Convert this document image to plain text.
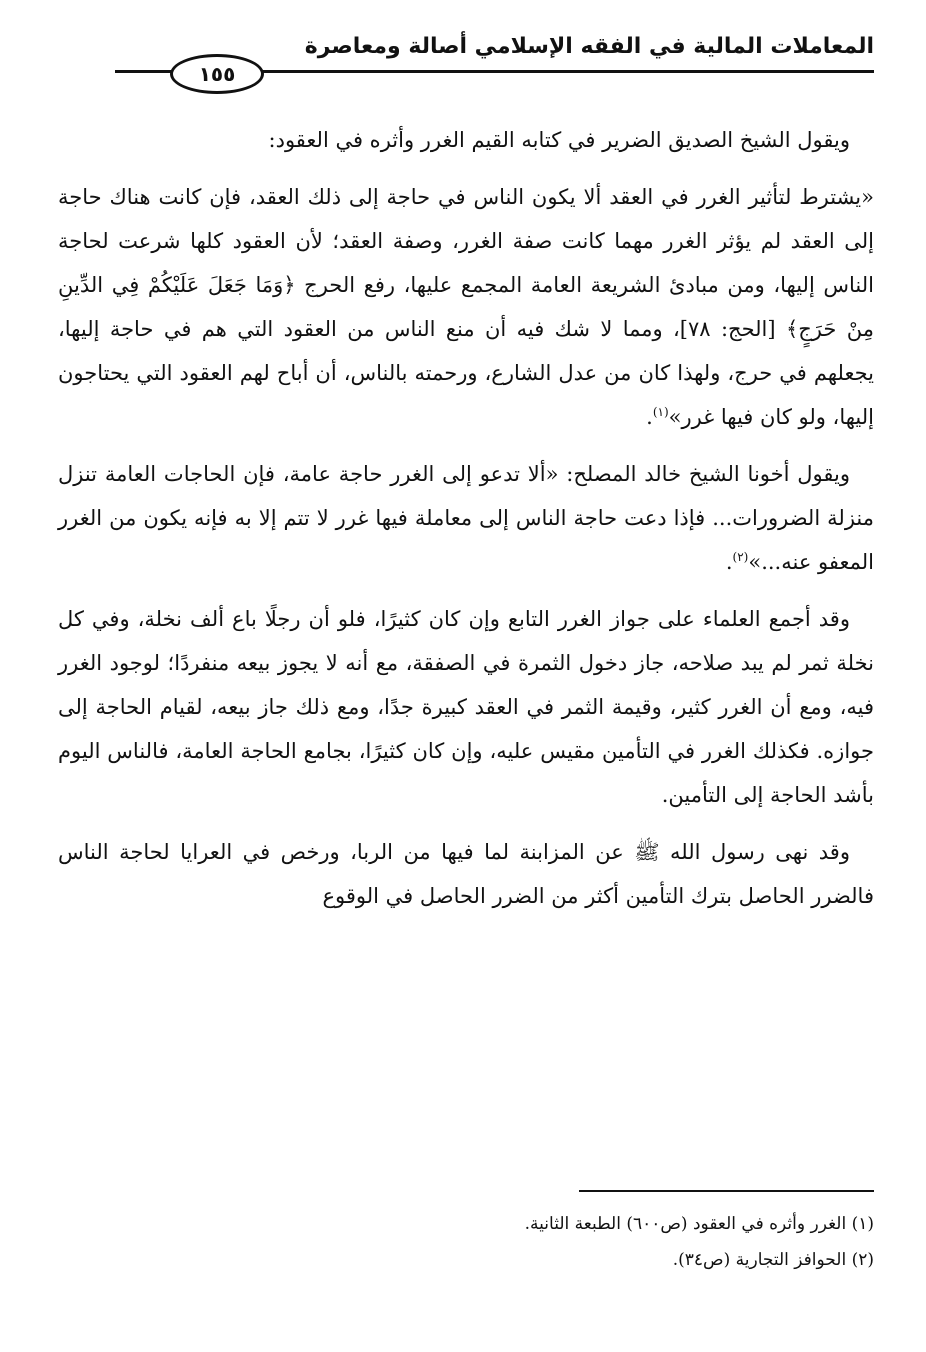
المعاملات المالية في الفقه الإسلامي أصالة ومعاصرة
١٥٥

ويقول الشيخ الصديق الضرير في كتابه القيم الغرر وأثره في العقود:

«يشترط لتأثير الغرر في العقد ألا يكون الناس في حاجة إلى ذلك العقد، فإن كانت هناك حاجة إلى العقد لم يؤثر الغرر مهما كانت صفة الغرر، وصفة العقد؛ لأن العقود كلها شرعت لحاجة الناس إليها، ومن مبادئ الشريعة العامة المجمع عليها، رفع الحرج ﴿وَمَا جَعَلَ عَلَيْكُمْ فِي الدِّينِ مِنْ حَرَجٍ﴾ [الحج: ٧٨]، ومما لا شك فيه أن منع الناس من العقود التي هم في حاجة إليها، يجعلهم في حرج، ولهذا كان من عدل الشارع، ورحمته بالناس، أن أباح لهم العقود التي يحتاجون إليها، ولو كان فيها غرر»$^{(١)}$.

ويقول أخونا الشيخ خالد المصلح: «ألا تدعو إلى الغرر حاجة عامة، فإن الحاجات العامة تنزل منزلة الضرورات... فإذا دعت حاجة الناس إلى معاملة فيها غرر لا تتم إلا به فإنه يكون من الغرر المعفو عنه...»$^{(٢)}$.

وقد أجمع العلماء على جواز الغرر التابع وإن كان كثيرًا، فلو أن رجلًا باع ألف نخلة، وفي كل نخلة ثمر لم يبد صلاحه، جاز دخول الثمرة في الصفقة، مع أنه لا يجوز بيعه منفردًا؛ لوجود الغرر فيه، ومع أن الغرر كثير، وقيمة الثمر في العقد كبيرة جدًا، ومع ذلك جاز بيعه، لقيام الحاجة إلى جوازه. فكذلك الغرر في التأمين مقيس عليه، وإن كان كثيرًا، بجامع الحاجة العامة، فالناس اليوم بأشد الحاجة إلى التأمين.

وقد نهى رسول الله ﷺ عن المزابنة لما فيها من الربا، ورخص في العرايا لحاجة الناس فالضرر الحاصل بترك التأمين أكثر من الضرر الحاصل في الوقوع

(١) الغرر وأثره في العقود (ص٦٠٠) الطبعة الثانية.

(٢) الحوافز التجارية (ص٣٤).
